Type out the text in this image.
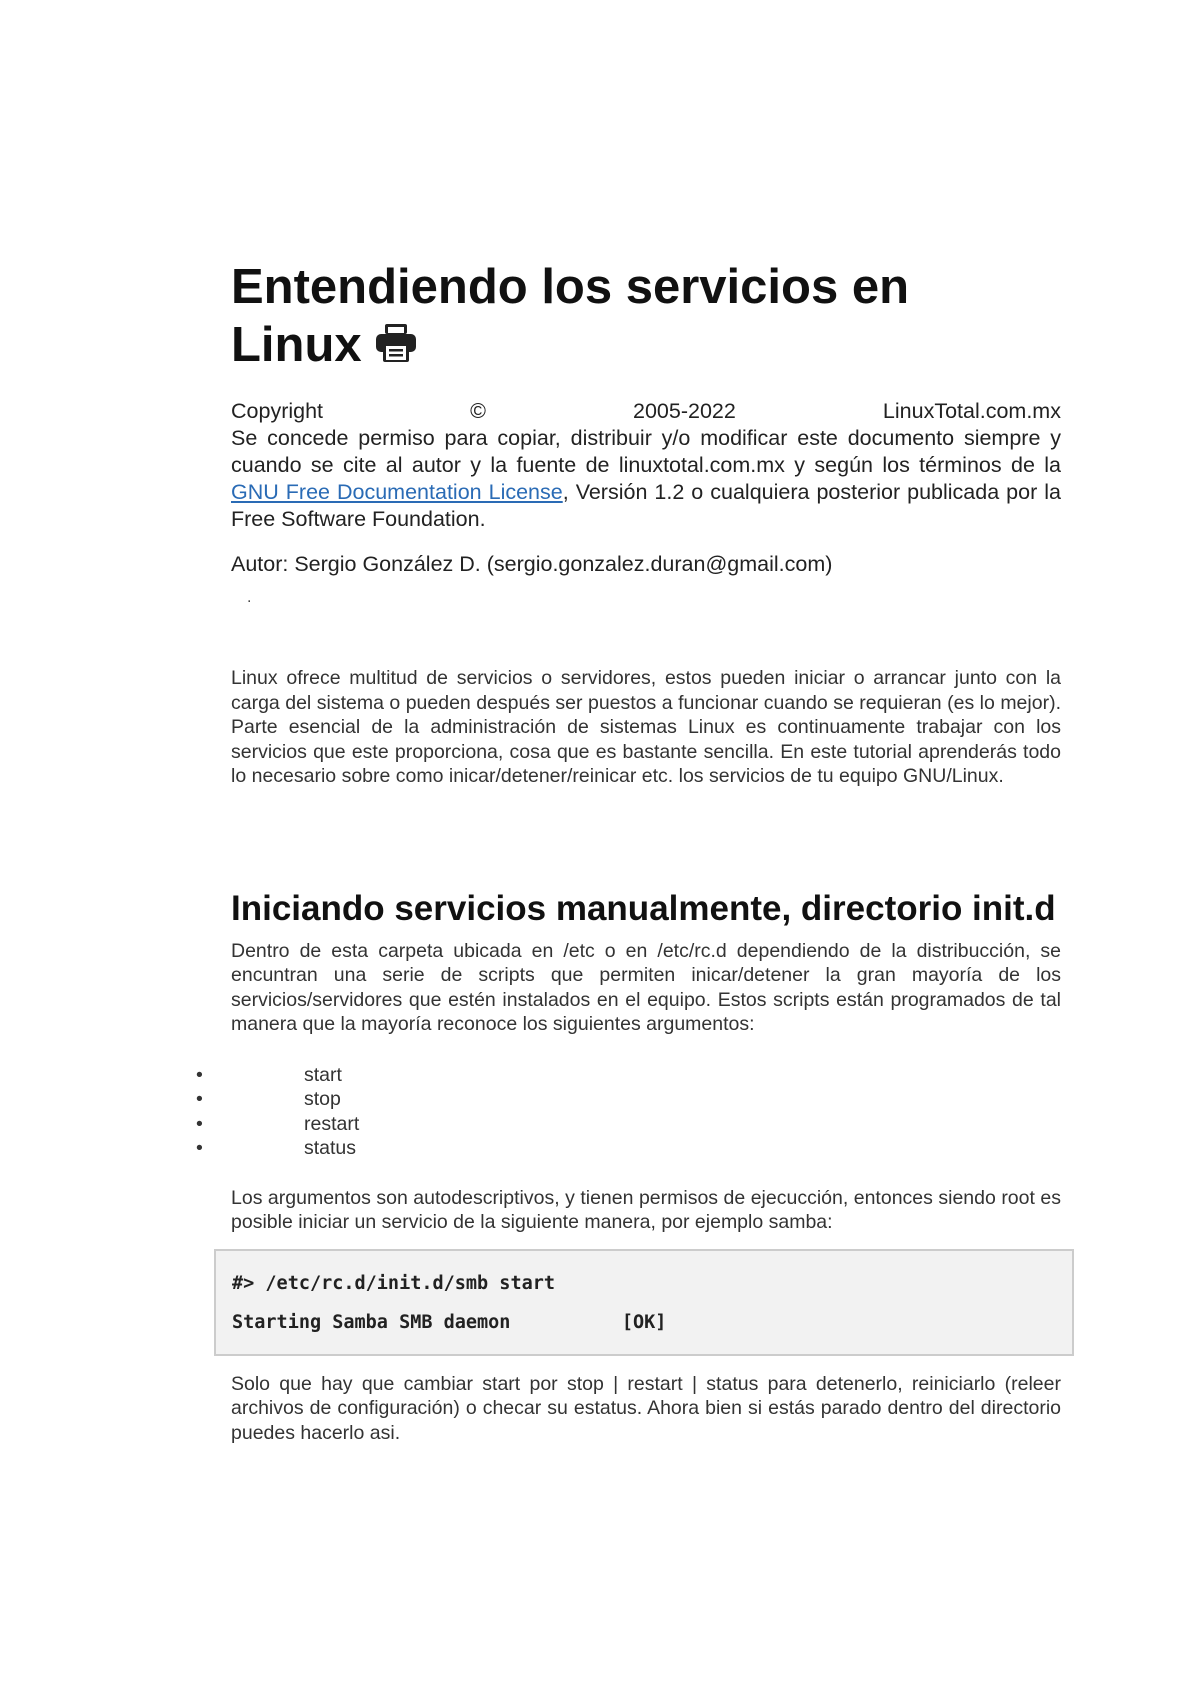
Entendiendo los servicios en
Linux
Copyright	©	2005-2022	LinuxTotal.com.mx
Se concede permiso para copiar, distribuir y/o modificar este documento siempre y cuando se cite al autor y la fuente de linuxtotal.com.mx y según los términos de la GNU Free Documentation License, Versión 1.2 o cualquiera posterior publicada por la Free Software Foundation.
Autor: Sergio González D. (sergio.gonzalez.duran@gmail.com)
.
Linux ofrece multitud de servicios o servidores, estos pueden iniciar o arrancar junto con la carga del sistema o pueden después ser puestos a funcionar cuando se requieran (es lo mejor). Parte esencial de la administración de sistemas Linux es continuamente trabajar con los servicios que este proporciona, cosa que es bastante sencilla. En este tutorial aprenderás todo lo necesario sobre como inicar/detener/reinicar etc. los servicios de tu equipo GNU/Linux.
Iniciando servicios manualmente, directorio init.d
Dentro de esta carpeta ubicada en /etc o en /etc/rc.d dependiendo de la distribucción, se encuntran una serie de scripts que permiten inicar/detener la gran mayoría de los servicios/servidores que estén instalados en el equipo. Estos scripts están programados de tal manera que la mayoría reconoce los siguientes argumentos:
•	start
•	stop
•	restart
•	status
Los argumentos son autodescriptivos, y tienen permisos de ejecucción, entonces siendo root es posible iniciar un servicio de la siguiente manera, por ejemplo samba:
#> /etc/rc.d/init.d/smb start
Starting Samba SMB daemon          [OK]
Solo que hay que cambiar start por stop | restart | status para detenerlo, reiniciarlo (releer archivos de configuración) o checar su estatus. Ahora bien si estás parado dentro del directorio puedes hacerlo asi.
